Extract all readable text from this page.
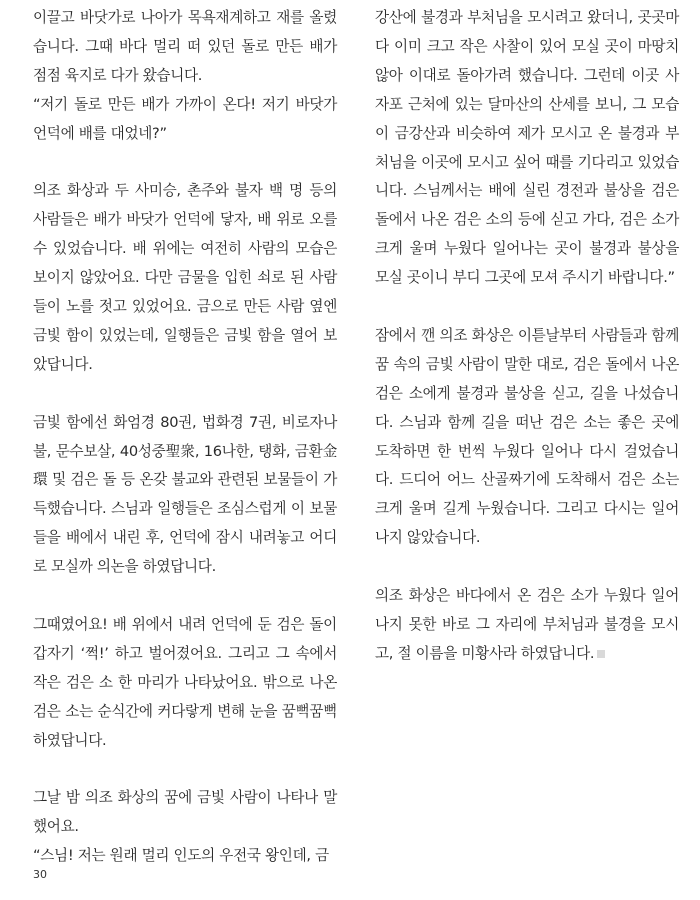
이끌고 바닷가로 나아가 목욕재계하고 재를 올렸습니다. 그때 바다 멀리 떠 있던 돌로 만든 배가 점점 육지로 다가 왔습니다.
“저기 돌로 만든 배가 가까이 온다! 저기 바닷가 언덕에 배를 대었네?”

의조 화상과 두 사미승, 촌주와 불자 백 명 등의 사람들은 배가 바닷가 언덕에 닿자, 배 위로 오를 수 있었습니다. 배 위에는 여전히 사람의 모습은 보이지 않았어요. 다만 금물을 입힌 쇠로 된 사람들이 노를 젓고 있었어요. 금으로 만든 사람 옆엔 금빛 함이 있었는데, 일행들은 금빛 함을 열어 보았답니다.

금빛 함에선 화엄경 80권, 법화경 7권, 비로자나불, 문수보살, 40성중聖衆, 16나한, 탱화, 금환金環 및 검은 돌 등 온갖 불교와 관련된 보물들이 가득했습니다. 스님과 일행들은 조심스럽게 이 보물들을 배에서 내린 후, 언덕에 잠시 내려놓고 어디로 모실까 의논을 하였답니다.

그때였어요! 배 위에서 내려 언덕에 둔 검은 돌이 갑자기 ‘쩍!’ 하고 벌어졌어요. 그리고 그 속에서 작은 검은 소 한 마리가 나타났어요. 밖으로 나온 검은 소는 순식간에 커다랗게 변해 눈을 꿈뻑꿈뻑하였답니다.

그날 밤 의조 화상의 꿈에 금빛 사람이 나타나 말했어요.
“스님! 저는 원래 멀리 인도의 우전국 왕인데, 금

강산에 불경과 부처님을 모시려고 왔더니, 곳곳마다 이미 크고 작은 사찰이 있어 모실 곳이 마땅치 않아 이대로 돌아가려 했습니다. 그런데 이곳 사자포 근처에 있는 달마산의 산세를 보니, 그 모습이 금강산과 비슷하여 제가 모시고 온 불경과 부처님을 이곳에 모시고 싶어 때를 기다리고 있었습니다. 스님께서는 배에 실린 경전과 불상을 검은 돌에서 나온 검은 소의 등에 싣고 가다, 검은 소가 크게 울며 누웠다 일어나는 곳이 불경과 불상을 모실 곳이니 부디 그곳에 모셔 주시기 바랍니다.”

잠에서 깬 의조 화상은 이튿날부터 사람들과 함께 꿈 속의 금빛 사람이 말한 대로, 검은 돌에서 나온 검은 소에게 불경과 불상을 싣고, 길을 나섰습니다. 스님과 함께 길을 떠난 검은 소는 좋은 곳에 도착하면 한 번씩 누웠다 일어나 다시 걸었습니다. 드디어 어느 산골짜기에 도착해서 검은 소는 크게 울며 길게 누웠습니다. 그리고 다시는 일어나지 않았습니다.

의조 화상은 바다에서 온 검은 소가 누웠다 일어나지 못한 바로 그 자리에 부처님과 불경을 모시고, 절 이름을 미황사라 하였답니다.

30
